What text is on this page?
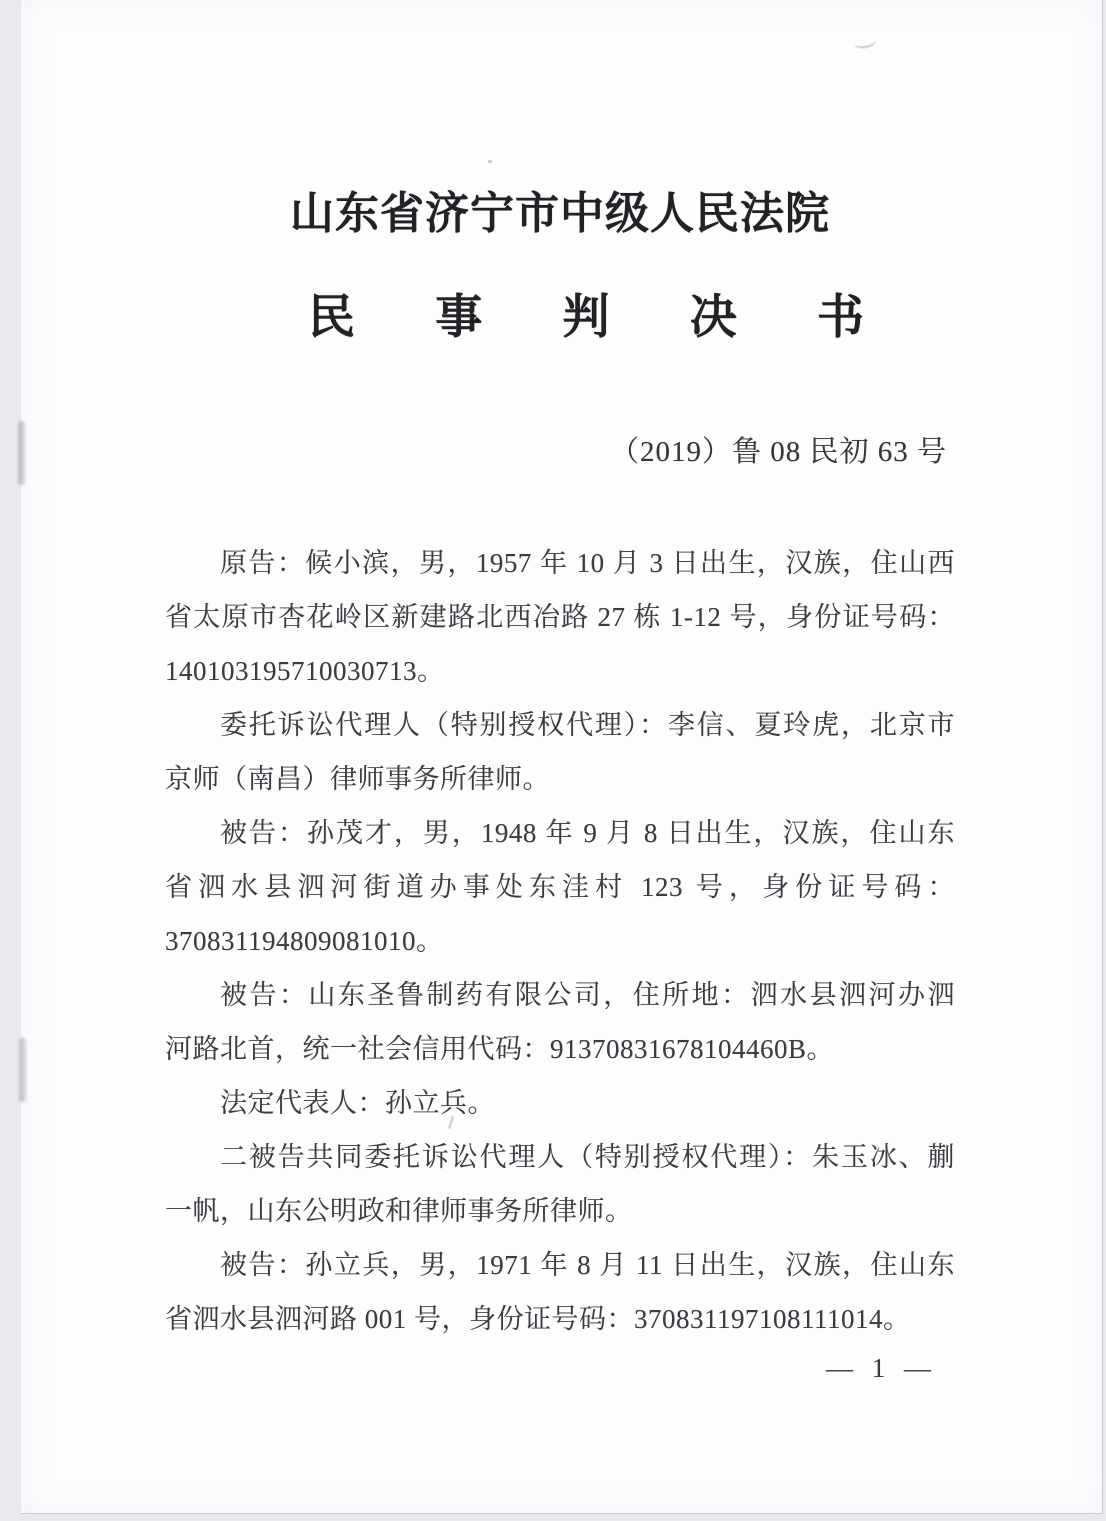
山东省济宁市中级人民法院
民事判决书
（2019）鲁 08 民初 63 号
原告：候小滨，男，1957 年 10 月 3 日出生，汉族，住山西
省太原市杏花岭区新建路北西冶路 27 栋 1-12 号，身份证号码：
140103195710030713。
委托诉讼代理人（特别授权代理）：李信、夏玲虎，北京市
京师（南昌）律师事务所律师。
被告：孙茂才，男，1948 年 9 月 8 日出生，汉族，住山东
省泗水县泗河街道办事处东洼村 123 号，身份证号码：
370831194809081010。
被告：山东圣鲁制药有限公司，住所地：泗水县泗河办泗
河路北首，统一社会信用代码：91370831678104460B。
法定代表人：孙立兵。
二被告共同委托诉讼代理人（特别授权代理）：朱玉冰、蒯
一帆，山东公明政和律师事务所律师。
被告：孙立兵，男，1971 年 8 月 11 日出生，汉族，住山东
省泗水县泗河路 001 号，身份证号码：370831197108111014。
— 1 —
